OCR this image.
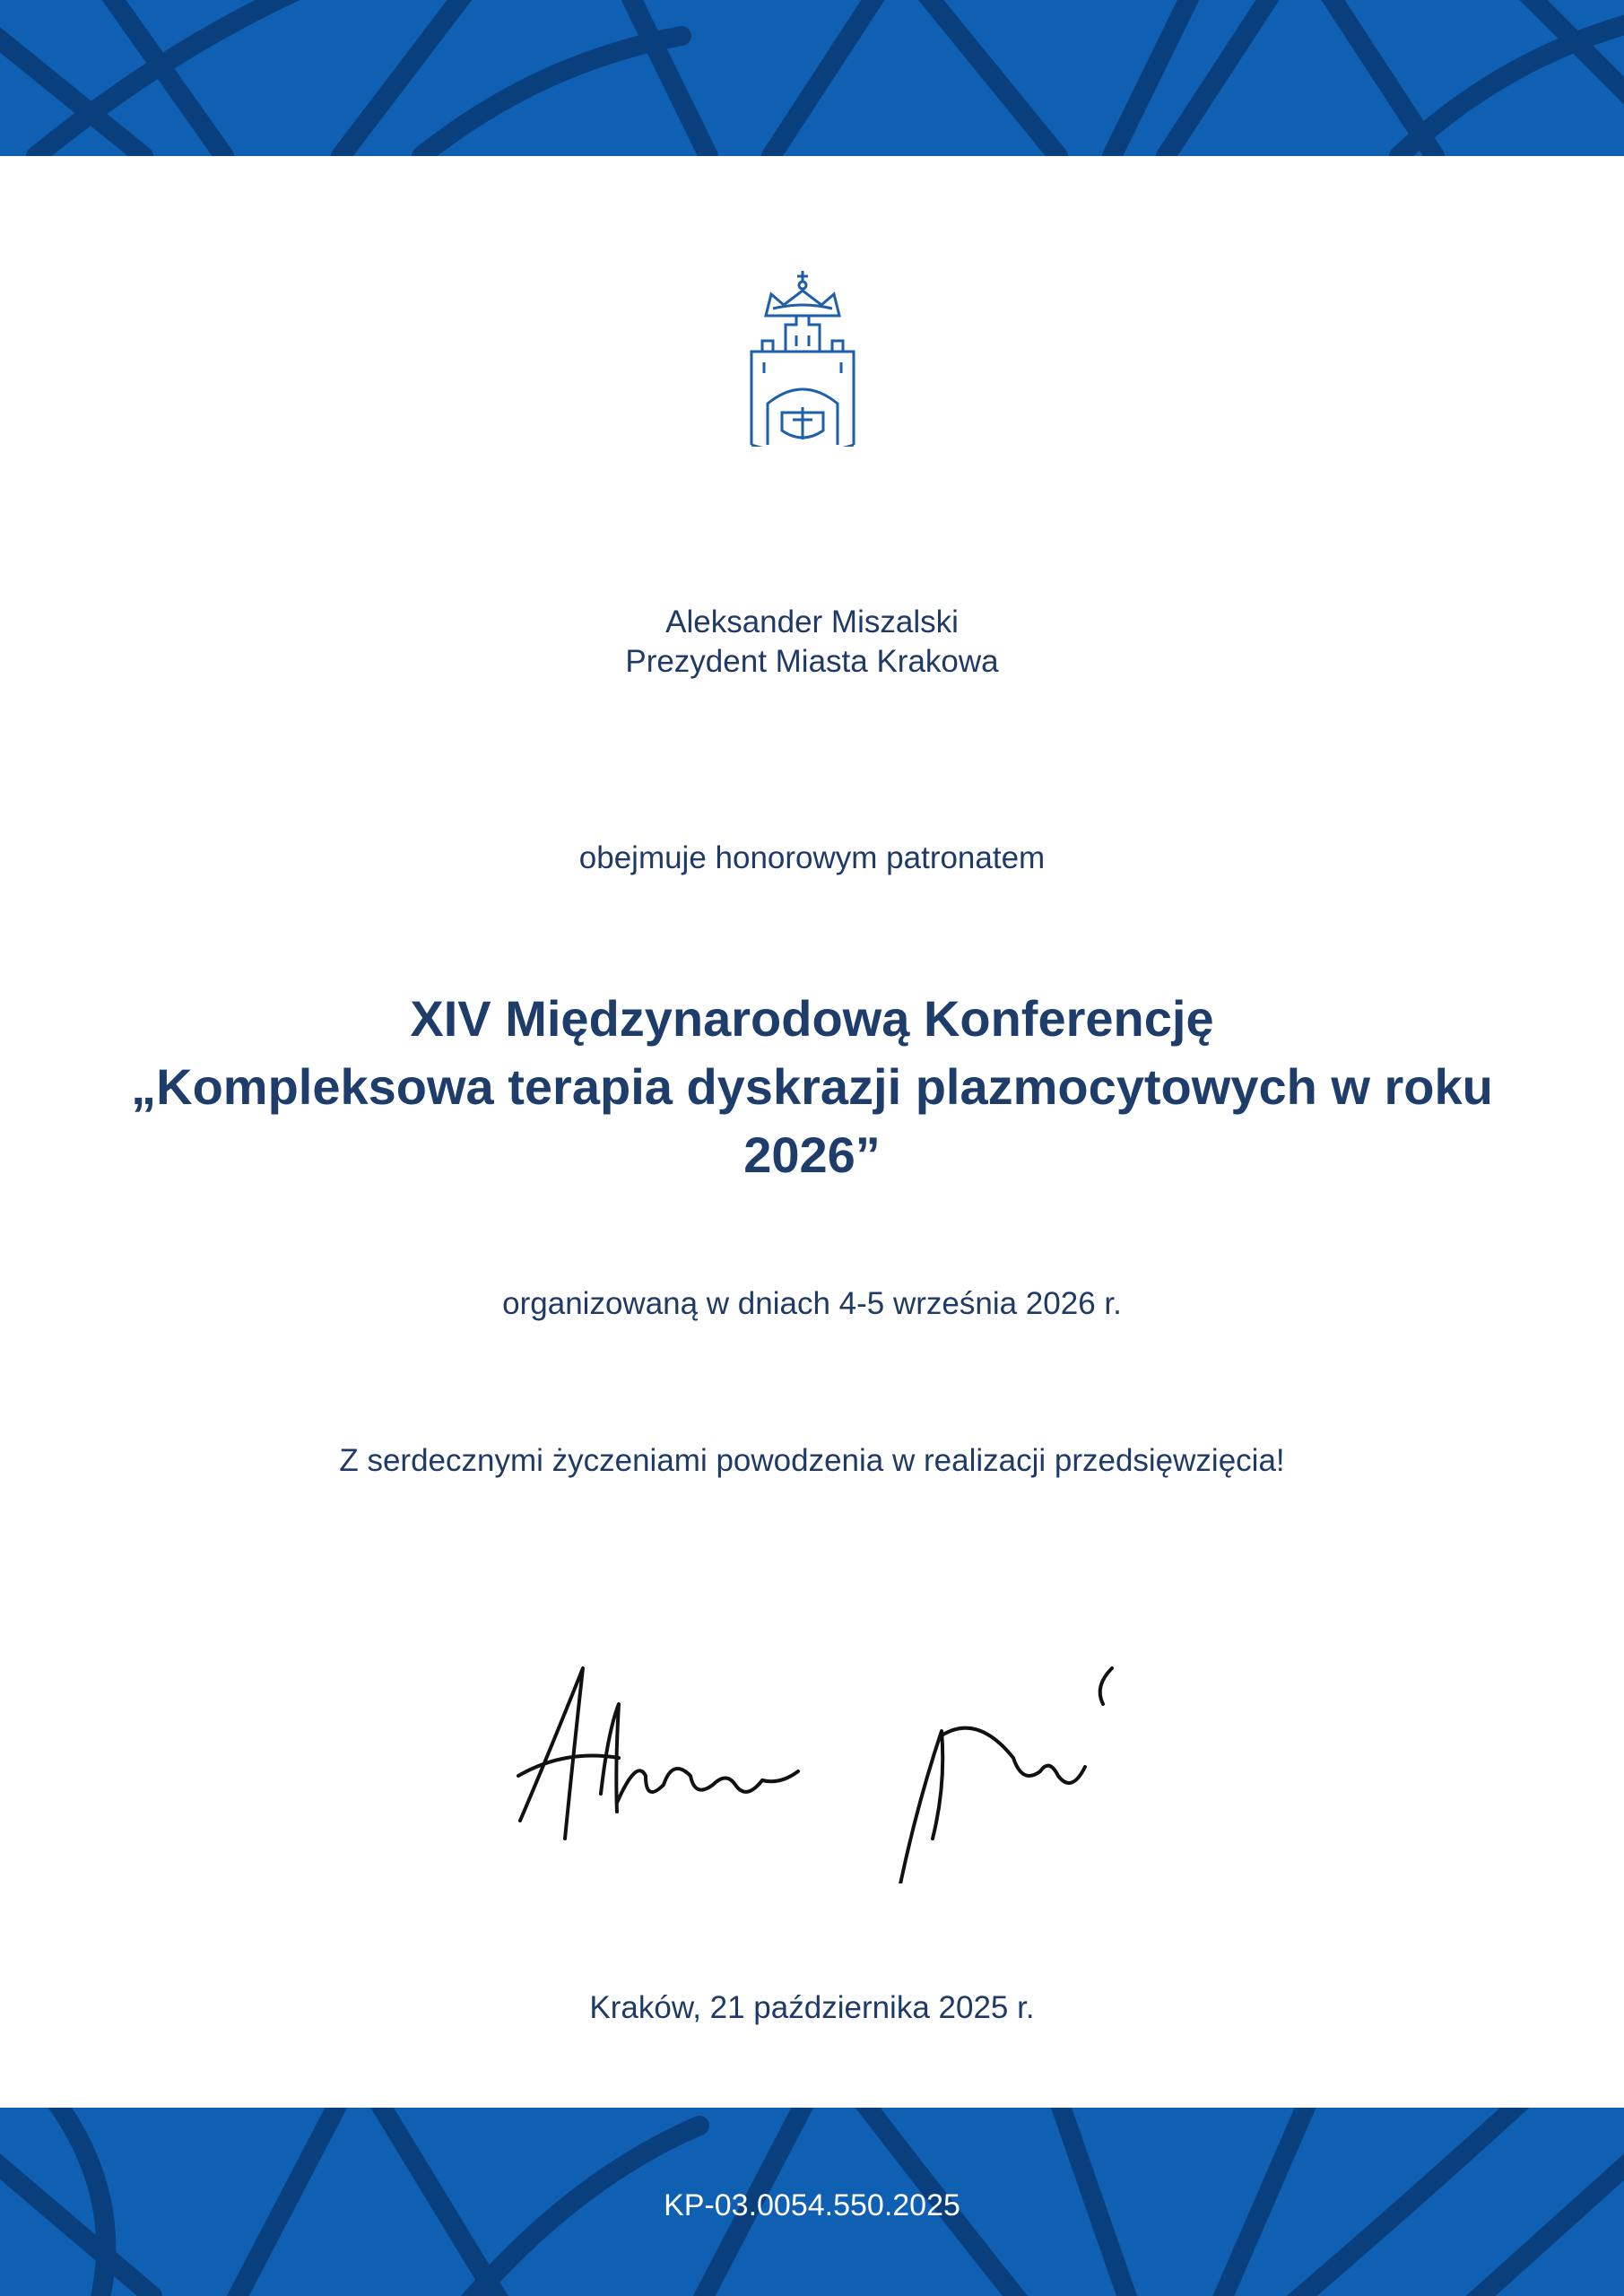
Aleksander Miszalski
Prezydent Miasta Krakowa
obejmuje honorowym patronatem
XIV Międzynarodową Konferencję
„Kompleksowa terapia dyskrazji plazmocytowych w roku 2026”
organizowaną w dniach 4-5 września 2026 r.
Z serdecznymi życzeniami powodzenia w realizacji przedsięwzięcia!
Kraków, 21 października 2025 r.
KP-03.0054.550.2025
